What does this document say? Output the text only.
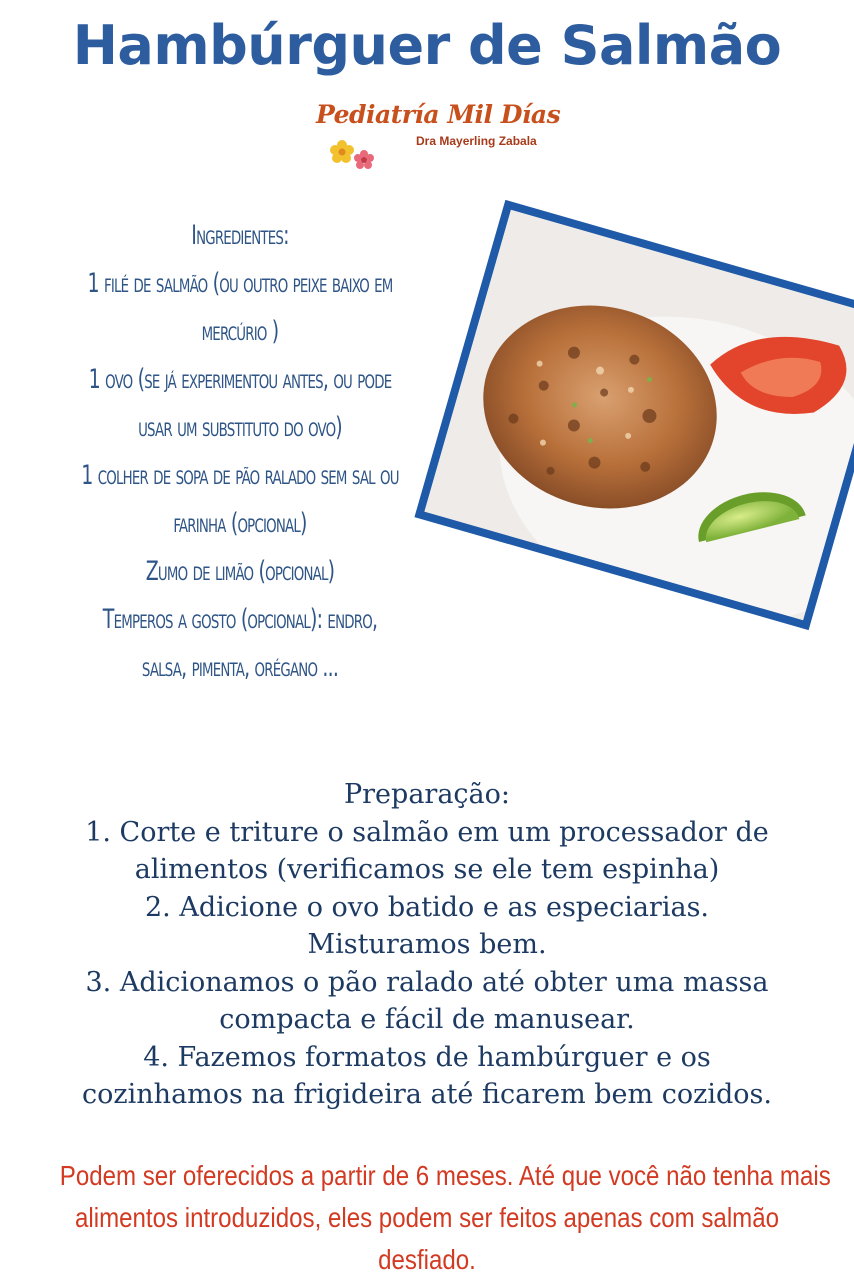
Hambúrguer de Salmão
Pediatría Mil Días
Dra Mayerling Zabala
Ingredientes:
1 filé de salmão (ou outro peixe baixo em
mercúrio )
1 ovo (se já experimentou antes, ou pode
usar um substituto do ovo)
1 colher de sopa de pão ralado sem sal ou
farinha (opcional)
Zumo de limão (opcional)
Temperos a gosto (opcional): endro,
salsa, pimenta, orégano ...
Preparação:
1. Corte e triture o salmão em um processador de
alimentos (verificamos se ele tem espinha)
2. Adicione o ovo batido e as especiarias.
Misturamos bem.
3. Adicionamos o pão ralado até obter uma massa
compacta e fácil de manusear.
4. Fazemos formatos de hambúrguer e os
cozinhamos na frigideira até ficarem bem cozidos.
Podem ser oferecidos a partir de 6 meses. Até que você não tenha mais
alimentos introduzidos, eles podem ser feitos apenas com salmão
desfiado.
